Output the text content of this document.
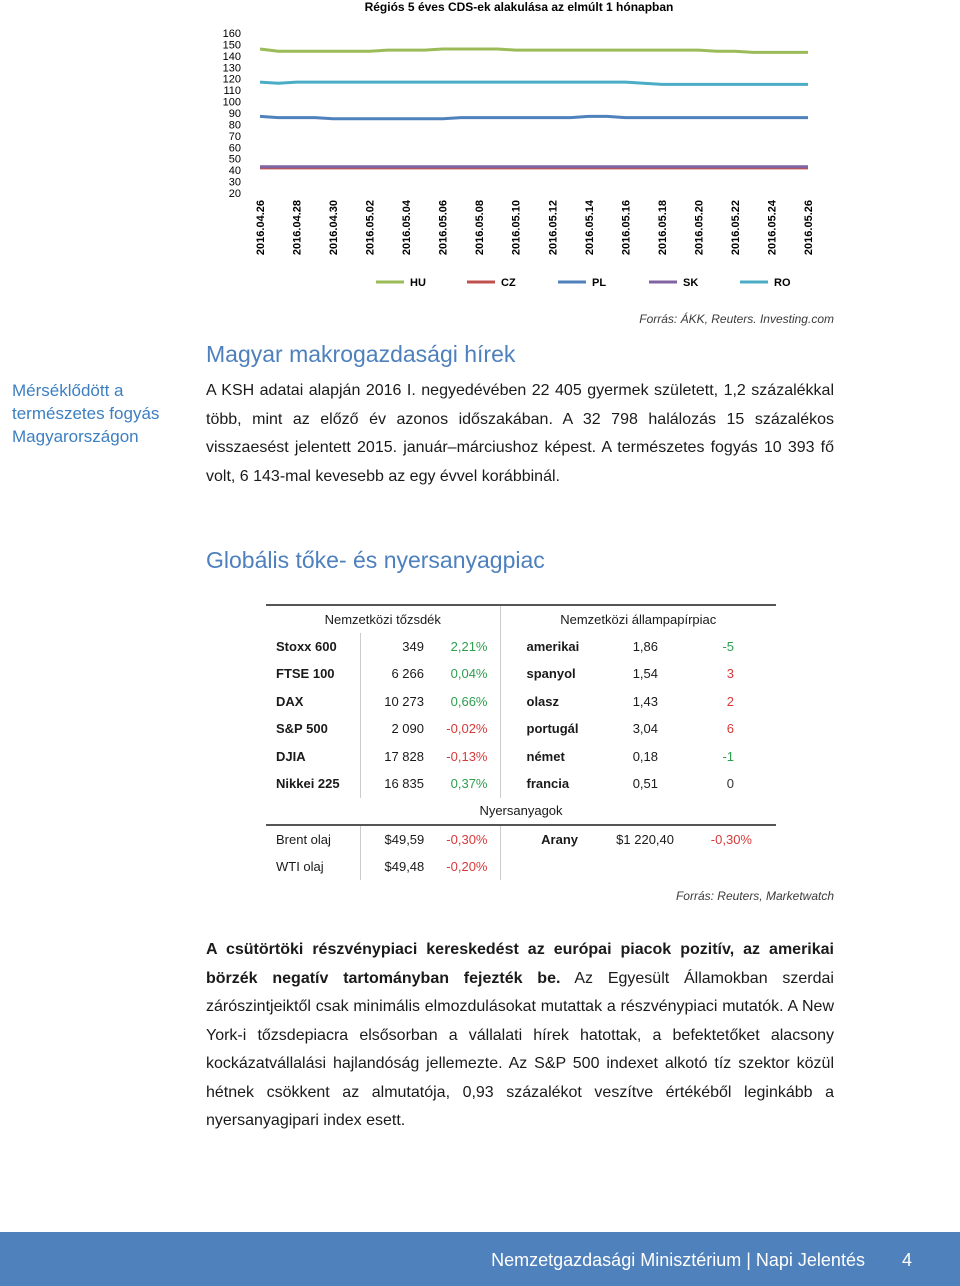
Régiós 5 éves CDS-ek alakulása az elmúlt 1 hónapban
20
30
40
50
60
70
80
90
100
110
120
130
140
150
160
2016.04.26 2016.04.28 2016.04.30 2016.05.02 2016.05.04 2016.05.06 2016.05.08 2016.05.10 2016.05.12 2016.05.14 2016.05.16 2016.05.18 2016.05.20 2016.05.22 2016.05.24 2016.05.26
HU	CZ	PL	SK	RO
Forrás: ÁKK, Reuters. Investing.com
Magyar makrogazdasági hírek
Mérséklődött a természetes fogyás Magyarországon
A KSH adatai alapján 2016 I. negyedévében 22 405 gyermek született, 1,2 százalékkal több, mint az előző év azonos időszakában. A 32 798 halálozás 15 százalékos visszaesést jelentett 2015. január–márciushoz képest. A természetes fogyás 10 393 fő volt, 6 143-mal kevesebb az egy évvel korábbinál.
Globális tőke- és nyersanyagpiac
Nemzetközi tőzsdék			Nemzetközi állampapírpiac		
Stoxx 600	349	2,21%	amerikai	1,86	-5
FTSE 100	6 266	0,04%	spanyol	1,54	3
DAX	10 273	0,66%	olasz	1,43	2
S&P 500	2 090	-0,02%	portugál	3,04	6
DJIA	17 828	-0,13%	német	0,18	-1
Nikkei 225	16 835	0,37%	francia	0,51	0
Nyersanyagok					
Brent olaj	$49,59	-0,30%	Arany	$1 220,40	-0,30%
WTI olaj	$49,48	-0,20%			
Forrás: Reuters, Marketwatch
A csütörtöki részvénypiaci kereskedést az európai piacok pozitív, az amerikai börzék negatív tartományban fejezték be. Az Egyesült Államokban szerdai zárószintjeiktől csak minimális elmozdulásokat mutattak a részvénypiaci mutatók. A New York-i tőzsdepiacra elsősorban a vállalati hírek hatottak, a befektetőket alacsony kockázatvállalási hajlandóság jellemezte. Az S&P 500 indexet alkotó tíz szektor közül hétnek csökkent az almutatója, 0,93 százalékot veszítve értékéből leginkább a nyersanyagipari index esett.
Nemzetgazdasági Minisztérium | Napi Jelentés 4
